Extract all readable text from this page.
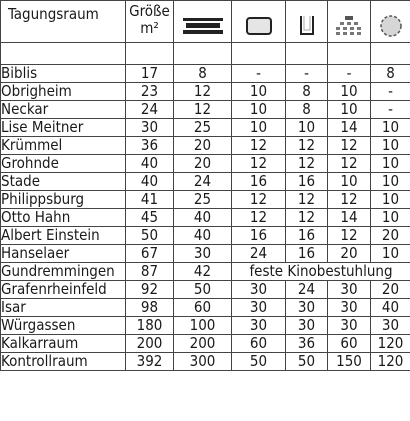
Tagungsraum	Größe
m²

Biblis	17	8	-	-	-	8
Obrigheim	23	12	10	8	10	-
Neckar	24	12	10	8	10	-
Lise Meitner	30	25	10	10	14	10
Krümmel	36	20	12	12	12	10
Grohnde	40	20	12	12	12	10
Stade	40	24	16	16	10	10
Philippsburg	41	25	12	12	12	10
Otto Hahn	45	40	12	12	14	10
Albert Einstein	50	40	16	16	12	20
Hanselaer	67	30	24	16	20	10
Gundremmingen	87	42	feste Kinobestuhlung			
Grafenrheinfeld	92	50	30	24	30	20
Isar	98	60	30	30	30	40
Würgassen	180	100	30	30	30	30
Kalkarraum	200	200	60	36	60	120
Kontrollraum	392	300	50	50	150	120
